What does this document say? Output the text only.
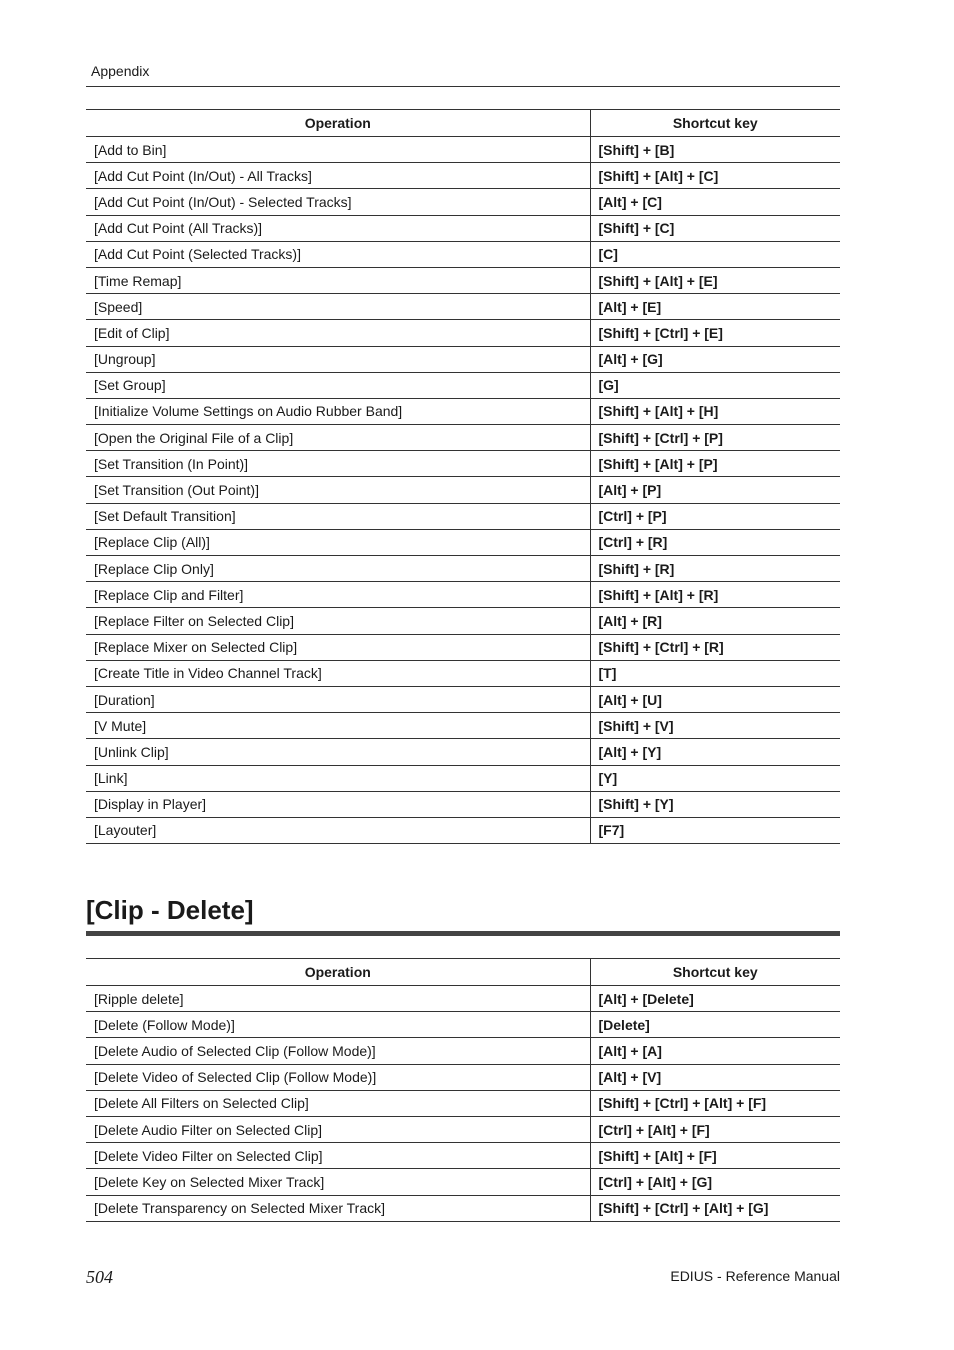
Appendix
Operation	Shortcut key
[Add to Bin]	[Shift] + [B]
[Add Cut Point (In/Out) - All Tracks]	[Shift] + [Alt] + [C]
[Add Cut Point (In/Out) - Selected Tracks]	[Alt] + [C]
[Add Cut Point (All Tracks)]	[Shift] + [C]
[Add Cut Point (Selected Tracks)]	[C]
[Time Remap]	[Shift] + [Alt] + [E]
[Speed]	[Alt] + [E]
[Edit of Clip]	[Shift] + [Ctrl] + [E]
[Ungroup]	[Alt] + [G]
[Set Group]	[G]
[Initialize Volume Settings on Audio Rubber Band]	[Shift] + [Alt] + [H]
[Open the Original File of a Clip]	[Shift] + [Ctrl] + [P]
[Set Transition (In Point)]	[Shift] + [Alt] + [P]
[Set Transition (Out Point)]	[Alt] + [P]
[Set Default Transition]	[Ctrl] + [P]
[Replace Clip (All)]	[Ctrl] + [R]
[Replace Clip Only]	[Shift] + [R]
[Replace Clip and Filter]	[Shift] + [Alt] + [R]
[Replace Filter on Selected Clip]	[Alt] + [R]
[Replace Mixer on Selected Clip]	[Shift] + [Ctrl] + [R]
[Create Title in Video Channel Track]	[T]
[Duration]	[Alt] + [U]
[V Mute]	[Shift] + [V]
[Unlink Clip]	[Alt] + [Y]
[Link]	[Y]
[Display in Player]	[Shift] + [Y]
[Layouter]	[F7]
[Clip - Delete]
Operation	Shortcut key
[Ripple delete]	[Alt] + [Delete]
[Delete (Follow Mode)]	[Delete]
[Delete Audio of Selected Clip (Follow Mode)]	[Alt] + [A]
[Delete Video of Selected Clip (Follow Mode)]	[Alt] + [V]
[Delete All Filters on Selected Clip]	[Shift] + [Ctrl] + [Alt] + [F]
[Delete Audio Filter on Selected Clip]	[Ctrl] + [Alt] + [F]
[Delete Video Filter on Selected Clip]	[Shift] + [Alt] + [F]
[Delete Key on Selected Mixer Track]	[Ctrl] + [Alt] + [G]
[Delete Transparency on Selected Mixer Track]	[Shift] + [Ctrl] + [Alt] + [G]
504	EDIUS - Reference Manual
